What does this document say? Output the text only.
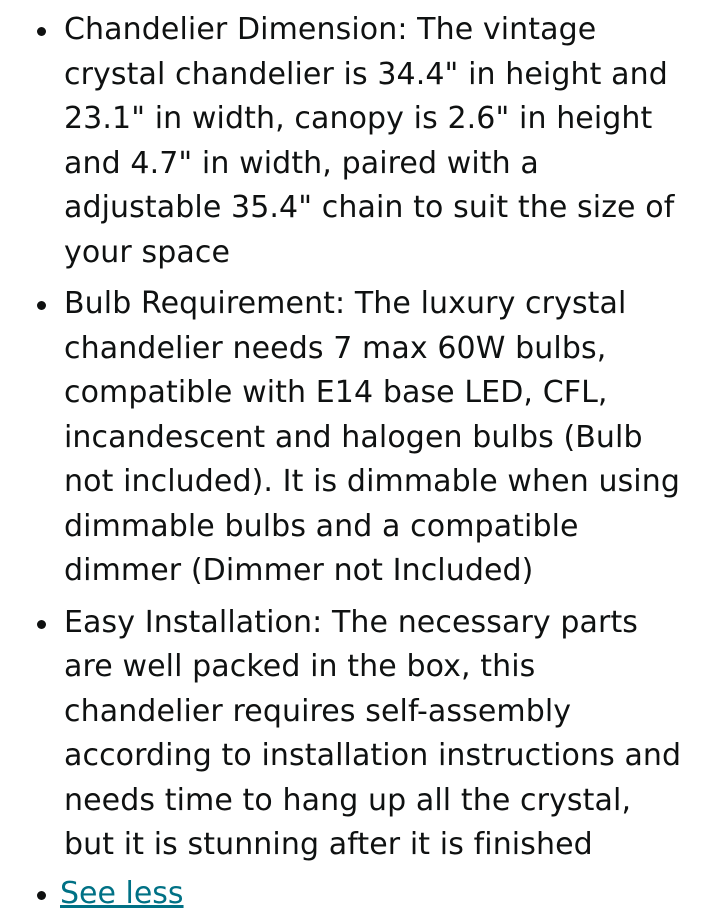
Chandelier Dimension: The vintage crystal chandelier is 34.4" in height and 23.1" in width, canopy is 2.6" in height and 4.7" in width, paired with a adjustable 35.4" chain to suit the size of your space
Bulb Requirement: The luxury crystal chandelier needs 7 max 60W bulbs, compatible with E14 base LED, CFL, incandescent and halogen bulbs (Bulb not included). It is dimmable when using dimmable bulbs and a compatible dimmer (Dimmer not Included)
Easy Installation: The necessary parts are well packed in the box, this chandelier requires self-assembly according to installation instructions and needs time to hang up all the crystal, but it is stunning after it is finished
See less
